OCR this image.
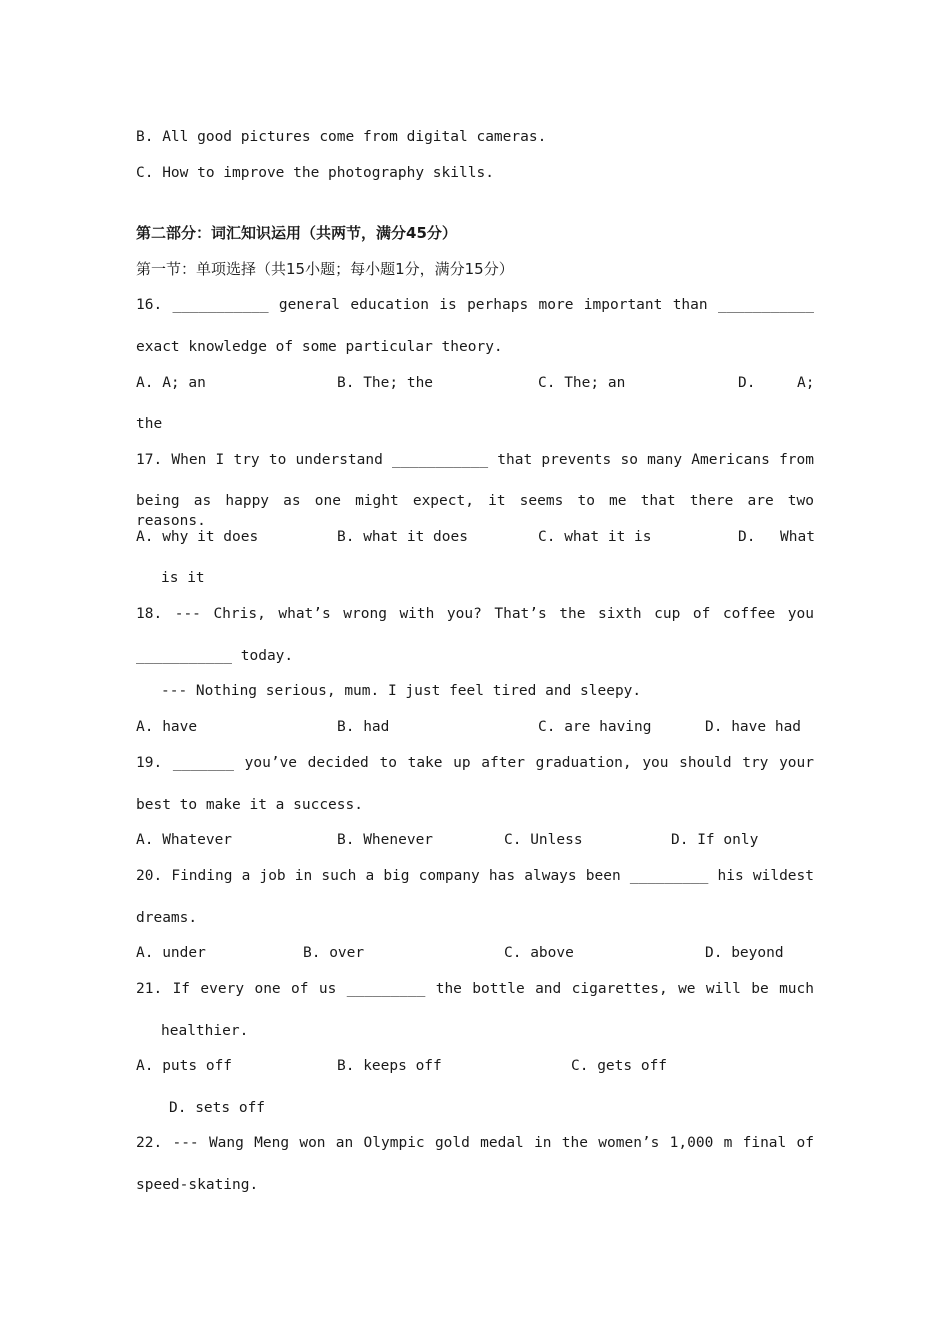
B. All good pictures come from digital cameras.
C. How to improve the photography skills.
第二部分：词汇知识运用（共两节，满分45分）
第一节：单项选择（共15小题；每小题1分，满分15分）
16. ___________ general education is perhaps more important than ___________
exact knowledge of some particular theory.
A. A; an	B. The; the	C. The; an	D.	A;
the
17. When I try to understand ___________ that prevents so many Americans from
being as happy as one might expect, it seems to me that there are two reasons.
A. why it does	B. what it does	C. what it is	D. What
is it
18. --- Chris, what’s wrong with you? That’s the sixth cup of coffee you
___________ today.
--- Nothing serious, mum. I just feel tired and sleepy.
A. have	B. had	C. are having	D. have had
19. _______ you’ve decided to take up after graduation, you should try your
best to make it a success.
A. Whatever	B. Whenever	C. Unless	D. If only
20. Finding a job in such a big company has always been _________ his wildest
dreams.
A. under	B. over	C. above	D. beyond
21. If every one of us _________ the bottle and cigarettes, we will be much
healthier.
A. puts off	B. keeps off	C. gets off
D. sets off
22. --- Wang Meng won an Olympic gold medal in the women’s 1,000 m final of
speed-skating.
